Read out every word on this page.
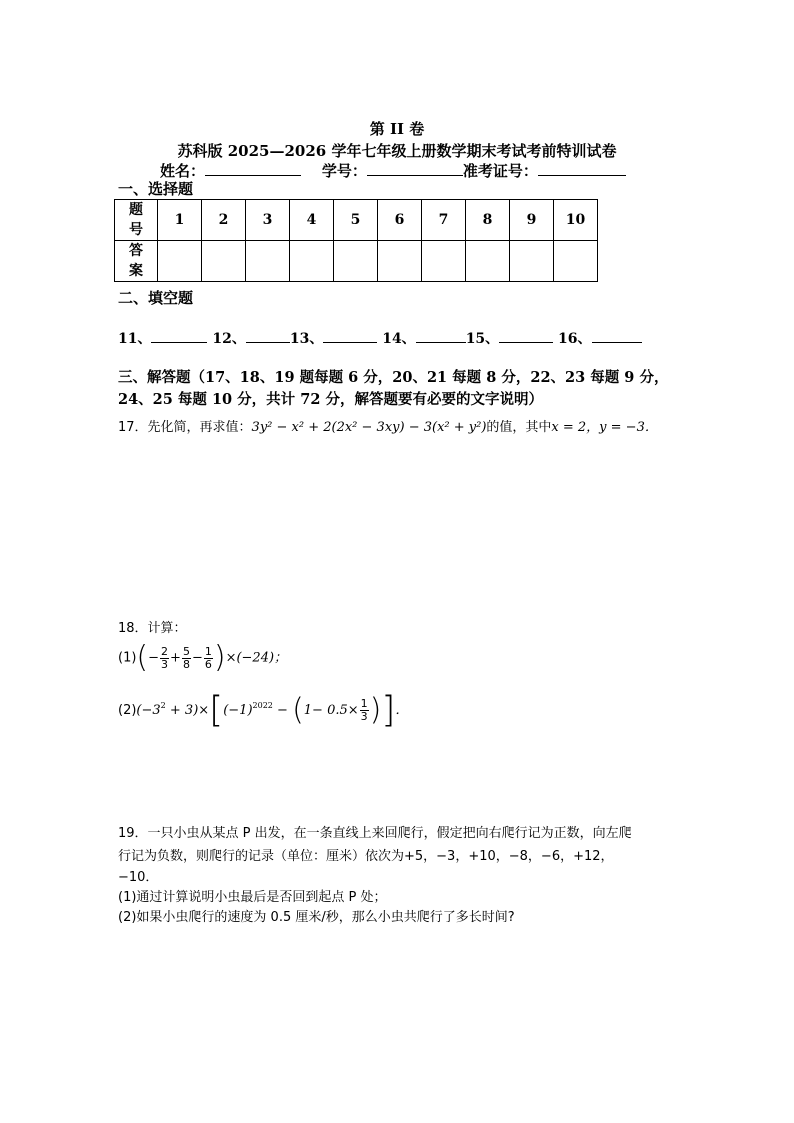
第 II 卷
苏科版 2025—2026 学年七年级上册数学期末考试考前特训试卷
姓名：	学号：	准考证号：
一、选择题
题
号	1	2	3	4	5	6	7	8	9	10
答
案										
二、填空题
11、	12、	13、	14、	15、	16、
三、解答题（17、18、19 题每题 6 分，20、21 每题 8 分，22、23 每题 9 分，
24、25 每题 10 分，共计 72 分，解答题要有必要的文字说明）
17．先化简，再求值：3y² − x² + 2(2x² − 3xy) − 3(x² + y²)的值，其中x = 2，y = −3．
18．计算：
$(1)(- \frac{2}{3} + \frac{5}{8} - \frac{1}{6} )\times(-24)$；
$(2)(-3^2 + 3)\times[(-1)^{2022} - (1- 0.5\times \frac{1}{3}$ )]．
19．一只小虫从某点 P 出发，在一条直线上来回爬行，假定把向右爬行记为正数，向左爬
行记为负数，则爬行的记录（单位：厘米）依次为+5，−3，+10，−8，−6，+12，
−10．
(1)通过计算说明小虫最后是否回到起点 P 处；
(2)如果小虫爬行的速度为 0.5 厘米/秒，那么小虫共爬行了多长时间?
